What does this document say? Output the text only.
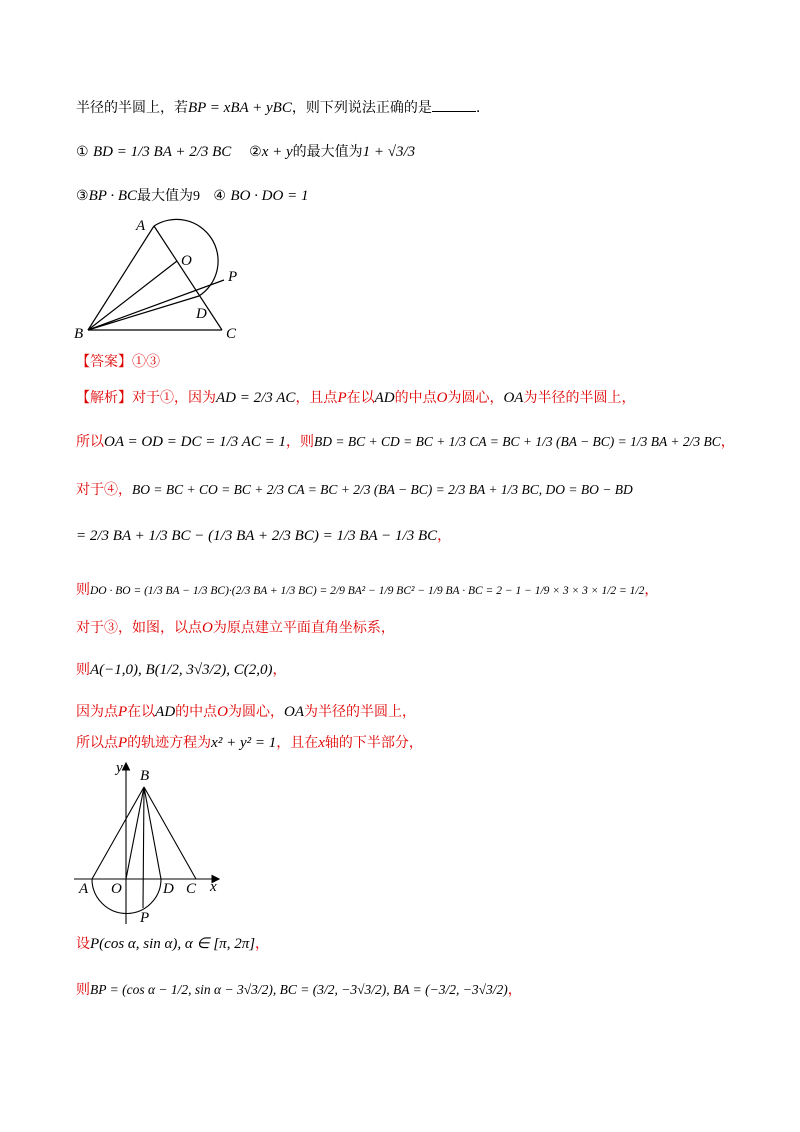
半径的半圆上，若BP = xBA + yBC，则下列说法正确的是	.
① BD = 1/3 BA + 2/3 BC ②x + y的最大值为1 + √3/3
③BP · BC最大值为9 ④ BO · DO = 1
A
O
P
D
B	C
【答案】①③
【解析】对于①，因为AD = 2/3 AC，且点P在以AD的中点O为圆心，OA为半径的半圆上，
所以OA = OD = DC = 1/3 AC = 1，则BD = BC + CD = BC + 1/3 CA = BC + 1/3 (BA − BC) = 1/3 BA + 2/3 BC，
对于④，BO = BC + CO = BC + 2/3 CA = BC + 2/3 (BA − BC) = 2/3 BA + 1/3 BC, DO = BO − BD
= 2/3 BA + 1/3 BC − (1/3 BA + 2/3 BC) = 1/3 BA − 1/3 BC，
则DO · BO = (1/3 BA − 1/3 BC)·(2/3 BA + 1/3 BC) = 2/9 BA² − 1/9 BC² − 1/9 BA · BC = 2 − 1 − 1/9 × 3 × 3 × 1/2 = 1/2，
对于③，如图，以点O为原点建立平面直角坐标系，
则A(−1,0), B(1/2, 3√3/2), C(2,0)，
因为点P在以AD的中点O为圆心，OA为半径的半圆上，
所以点P的轨迹方程为x² + y² = 1，且在x轴的下半部分，
y B
A O	D C x
P
设P(cos α, sin α), α ∈ [π, 2π]，
则BP = (cos α − 1/2, sin α − 3√3/2), BC = (3/2, −3√3/2), BA = (−3/2, −3√3/2)，
